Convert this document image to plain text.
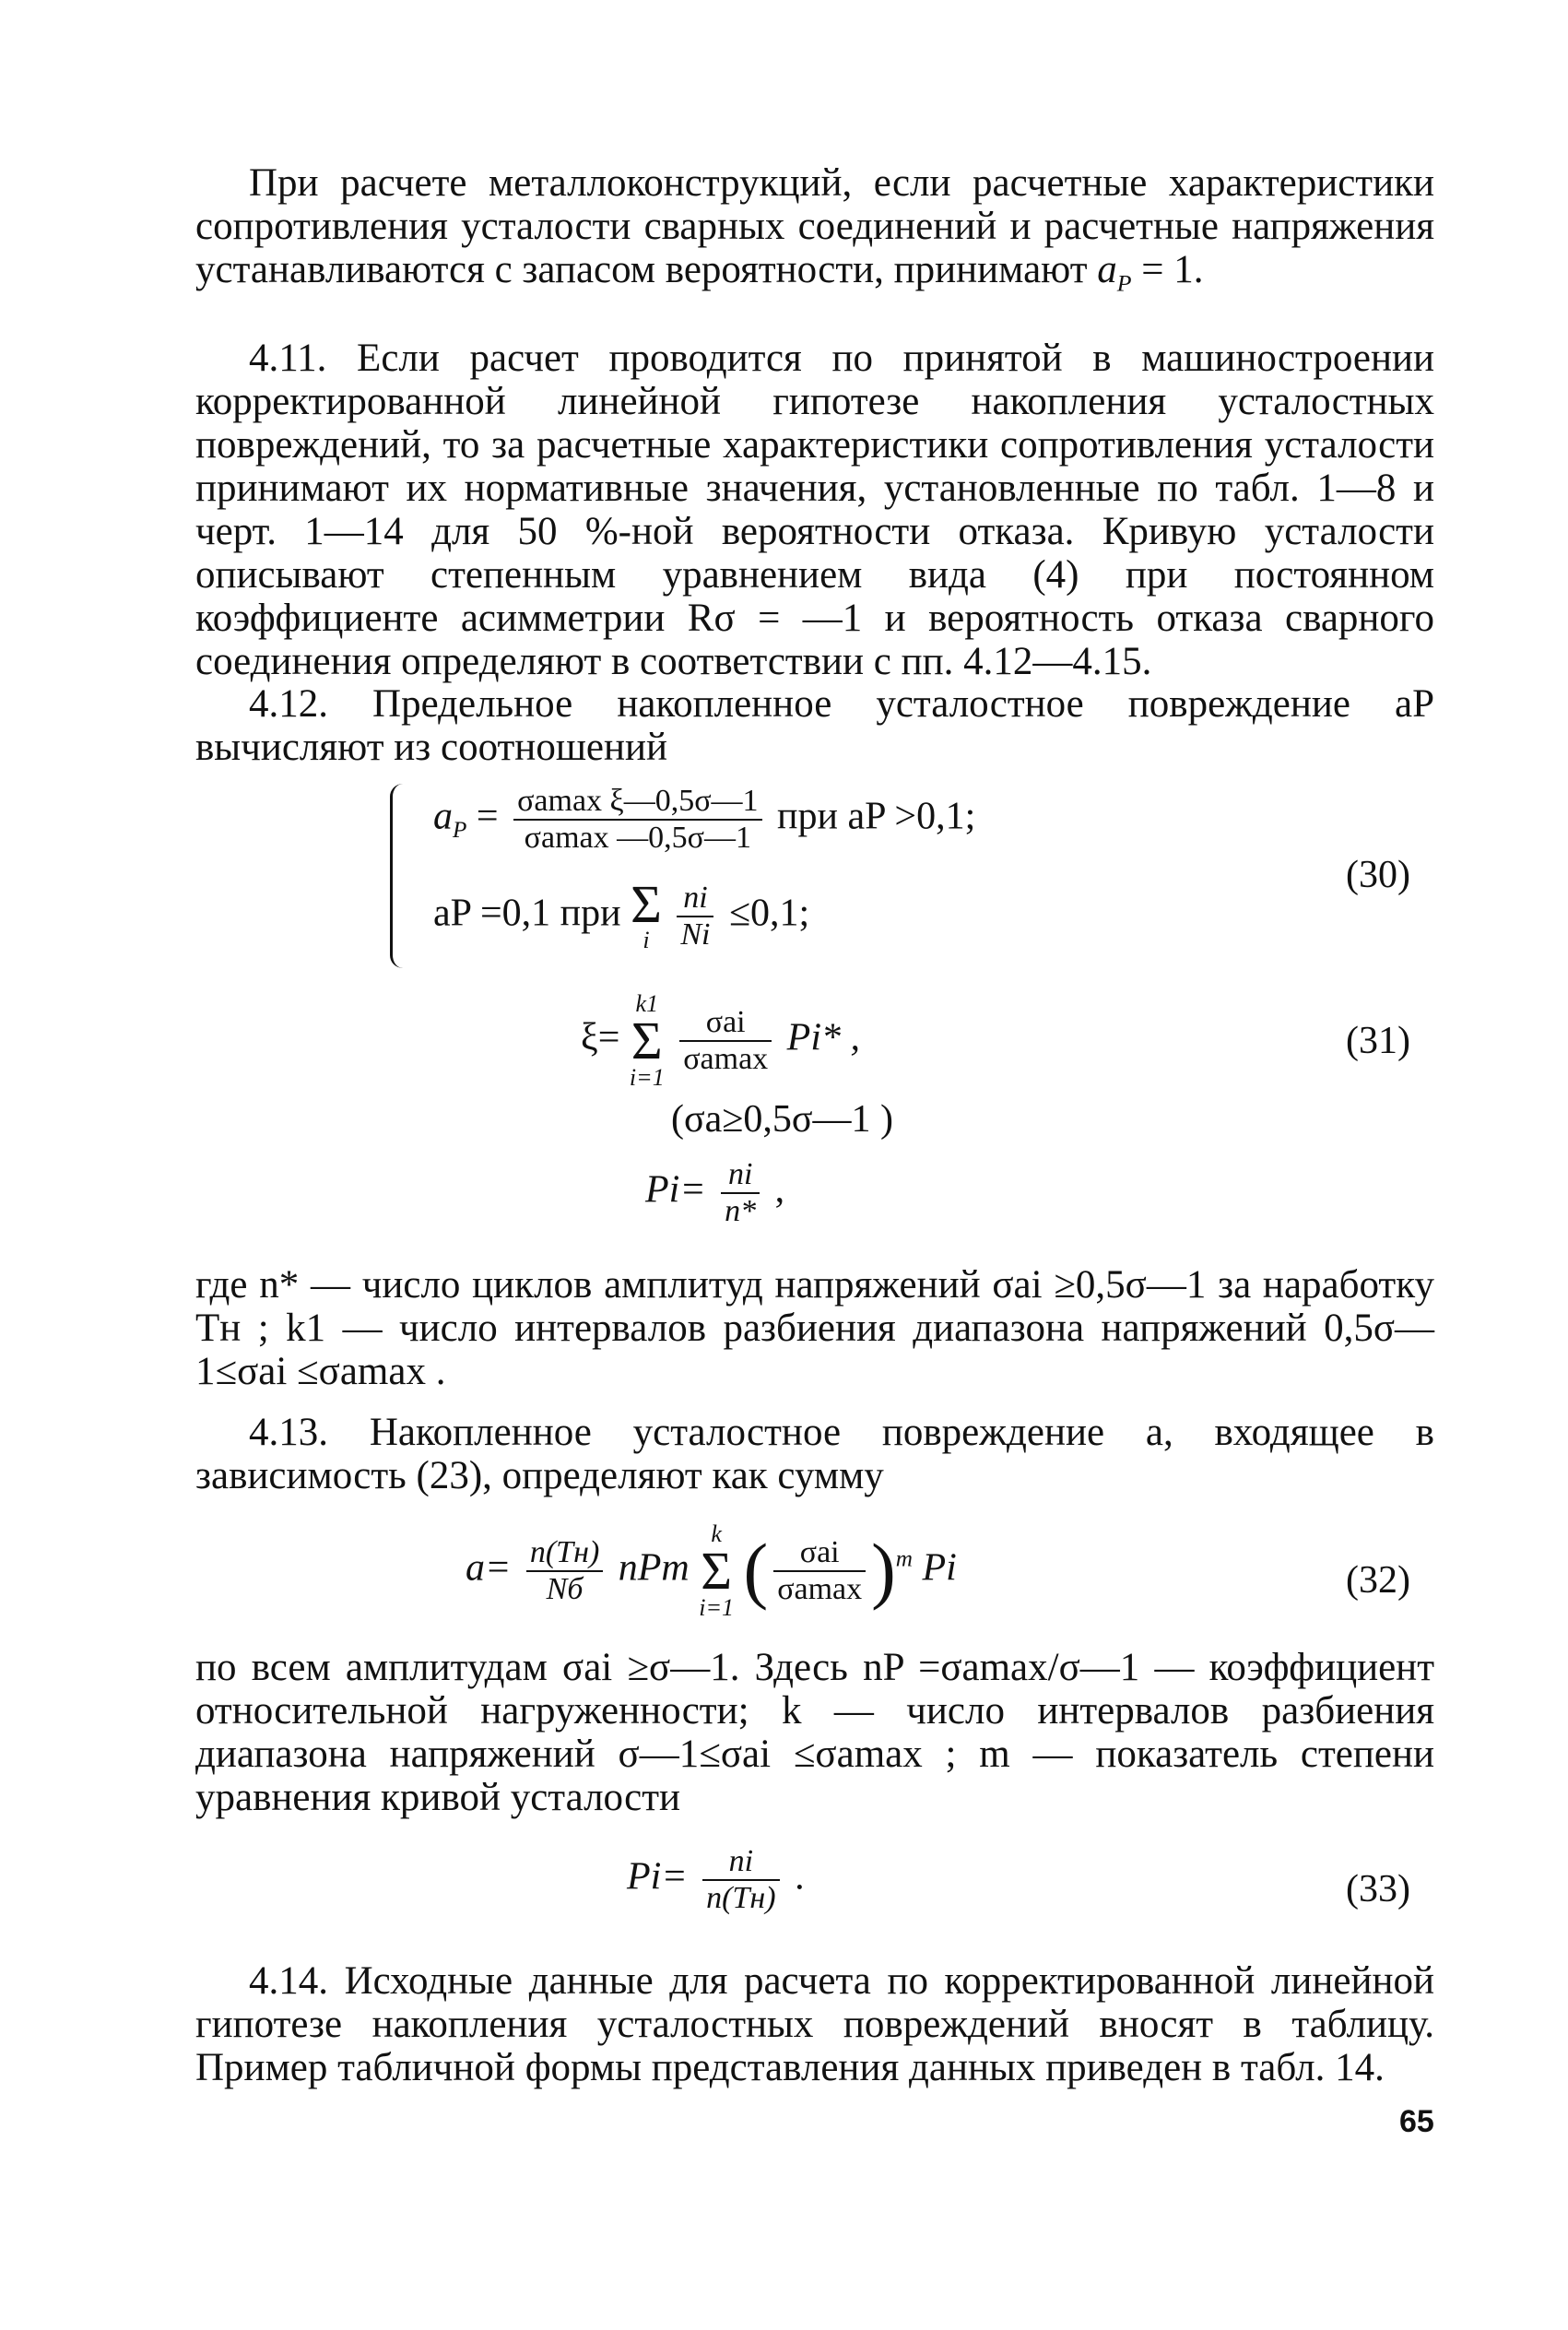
При расчете металлоконструкций, если расчетные характеристики сопротивления усталости сварных соединений и расчетные напряжения устанавливаются с запасом вероятности, принимают $a_P = 1$.

4.11. Если расчет проводится по принятой в машиностроении корректированной линейной гипотезе накопления усталостных повреждений, то за расчетные характеристики сопротивления усталости принимают их нормативные значения, установленные по табл. 1—8 и черт. 1—14 для 50 %-ной вероятности отказа. Кривую усталости описывают степенным уравнением вида (4) при постоянном коэффициенте асимметрии Rσ = —1 и вероятность отказа сварного соединения определяют в соответствии с пп. 4.12—4.15.

4.12. Предельное накопленное усталостное повреждение aP вычисляют из соотношений

$a_P = \frac{\text{σamax ξ—0,5σ—1}}{\sigma amax —0,5\sigma—1}$ при aP >0,1;
aP =0,1 при Σ
i
$\frac{ni}{Ni} \le 0,1$;
(30)
ξ=
k1
Σ
i=1

$\frac{\text{σai}}{\sigma amax} Pi*$ ,	(31)
(σa≥0,5σ—1 )
$Pi= \frac{ni}{n*}$ ,

где n* — число циклов амплитуд напряжений σai ≥0,5σ—1 за наработку Tн ; k1 — число интервалов разбиения диапазона напряжений 0,5σ—1≤σai ≤σamax .

4.13. Накопленное усталостное повреждение a, входящее в зависимость (23), определяют как сумму

$a= \frac{n(Tн)}{Nб}$ nPm
k
Σ
i=1 ( $\frac{\text{σai}}{\sigma amax} )^m$ Pi	(32)

по всем амплитудам σai ≥σ—1. Здесь nP =σamax/σ—1 — коэффициент относительной нагруженности; k — число интервалов разбиения диапазона напряжений σ—1≤σai ≤σamax ; m — показатель степени уравнения кривой усталости

$Pi= \frac{ni}{n(Tн)}$ .	(33)

4.14. Исходные данные для расчета по корректированной линейной гипотезе накопления усталостных повреждений вносят в таблицу. Пример табличной формы представления данных приведен в табл. 14.

65
